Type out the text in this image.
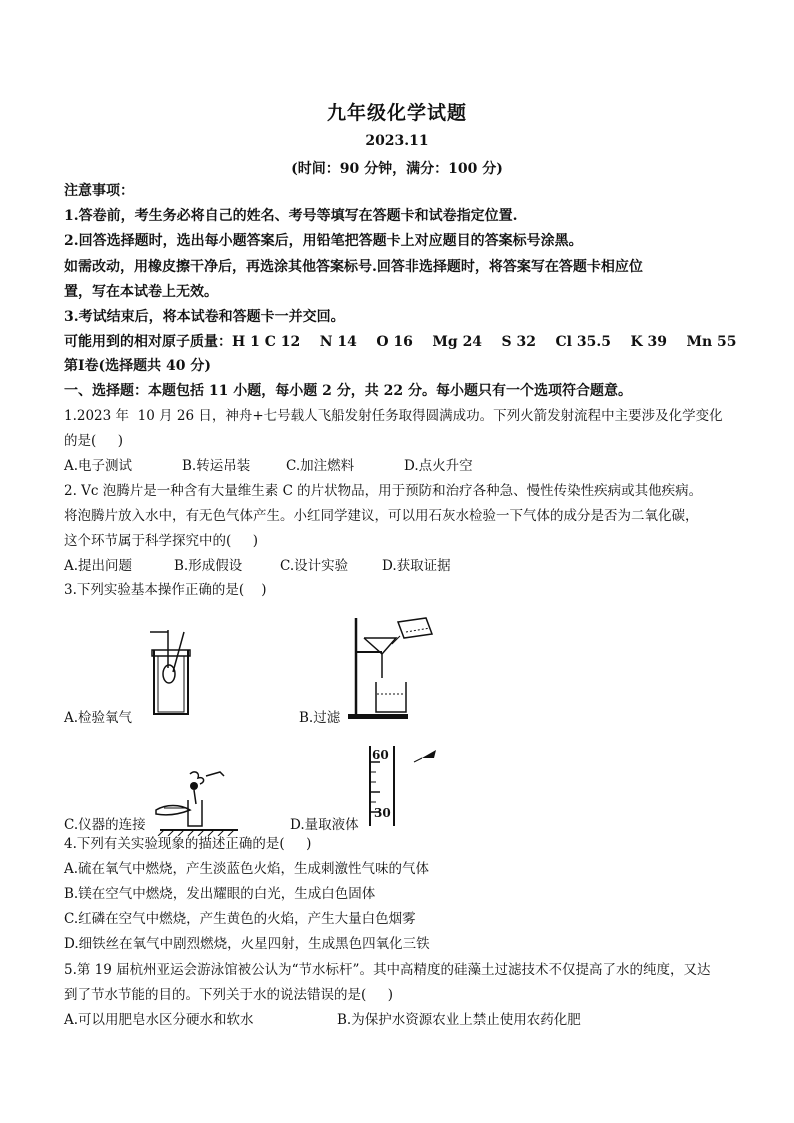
九年级化学试题
2023.11
(时间：90 分钟，满分：100 分)
注意事项：
1.答卷前，考生务必将自己的姓名、考号等填写在答题卡和试卷指定位置.
2.回答选择题时，选出每小题答案后，用铅笔把答题卡上对应题目的答案标号涂黑。
如需改动，用橡皮擦干净后，再选涂其他答案标号.回答非选择题时，将答案写在答题卡相应位
置，写在本试卷上无效。
3.考试结束后，将本试卷和答题卡一并交回。
可能用到的相对原子质量：H 1 C 12    N 14    O 16    Mg 24    S 32    Cl 35.5    K 39    Mn 55
第Ⅰ卷(选择题共 40 分)
一、选择题：本题包括 11 小题，每小题 2 分，共 22 分。每小题只有一个选项符合题意。
1.2023 年  10 月 26 日，神舟+七号载人飞船发射任务取得圆满成功。下列火箭发射流程中主要涉及化学变化
的是(     )
A.电子测试	B.转运吊装	C.加注燃料	D.点火升空
2. Vc 泡腾片是一种含有大量维生素 C 的片状物品，用于预防和治疗各种急、慢性传染性疾病或其他疾病。
将泡腾片放入水中，有无色气体产生。小红同学建议，可以用石灰水检验一下气体的成分是否为二氧化碳，
这个环节属于科学探究中的(     )
A.提出问题	B.形成假设	C.设计实验	D.获取证据
3.下列实验基本操作正确的是(    )
A.检验氧气	B.过滤
C.仪器的连接
60
30
D.量取液体
4.下列有关实验现象的描述正确的是(     )
A.硫在氧气中燃烧，产生淡蓝色火焰，生成刺激性气味的气体
B.镁在空气中燃烧，发出耀眼的白光，生成白色固体
C.红磷在空气中燃烧，产生黄色的火焰，产生大量白色烟雾
D.细铁丝在氧气中剧烈燃烧，火星四射，生成黑色四氧化三铁
5.第 19 届杭州亚运会游泳馆被公认为“节水标杆”。其中高精度的硅藻土过滤技术不仅提高了水的纯度，又达
到了节水节能的目的。下列关于水的说法错误的是(     )
A.可以用肥皂水区分硬水和软水	B.为保护水资源农业上禁止使用农药化肥
